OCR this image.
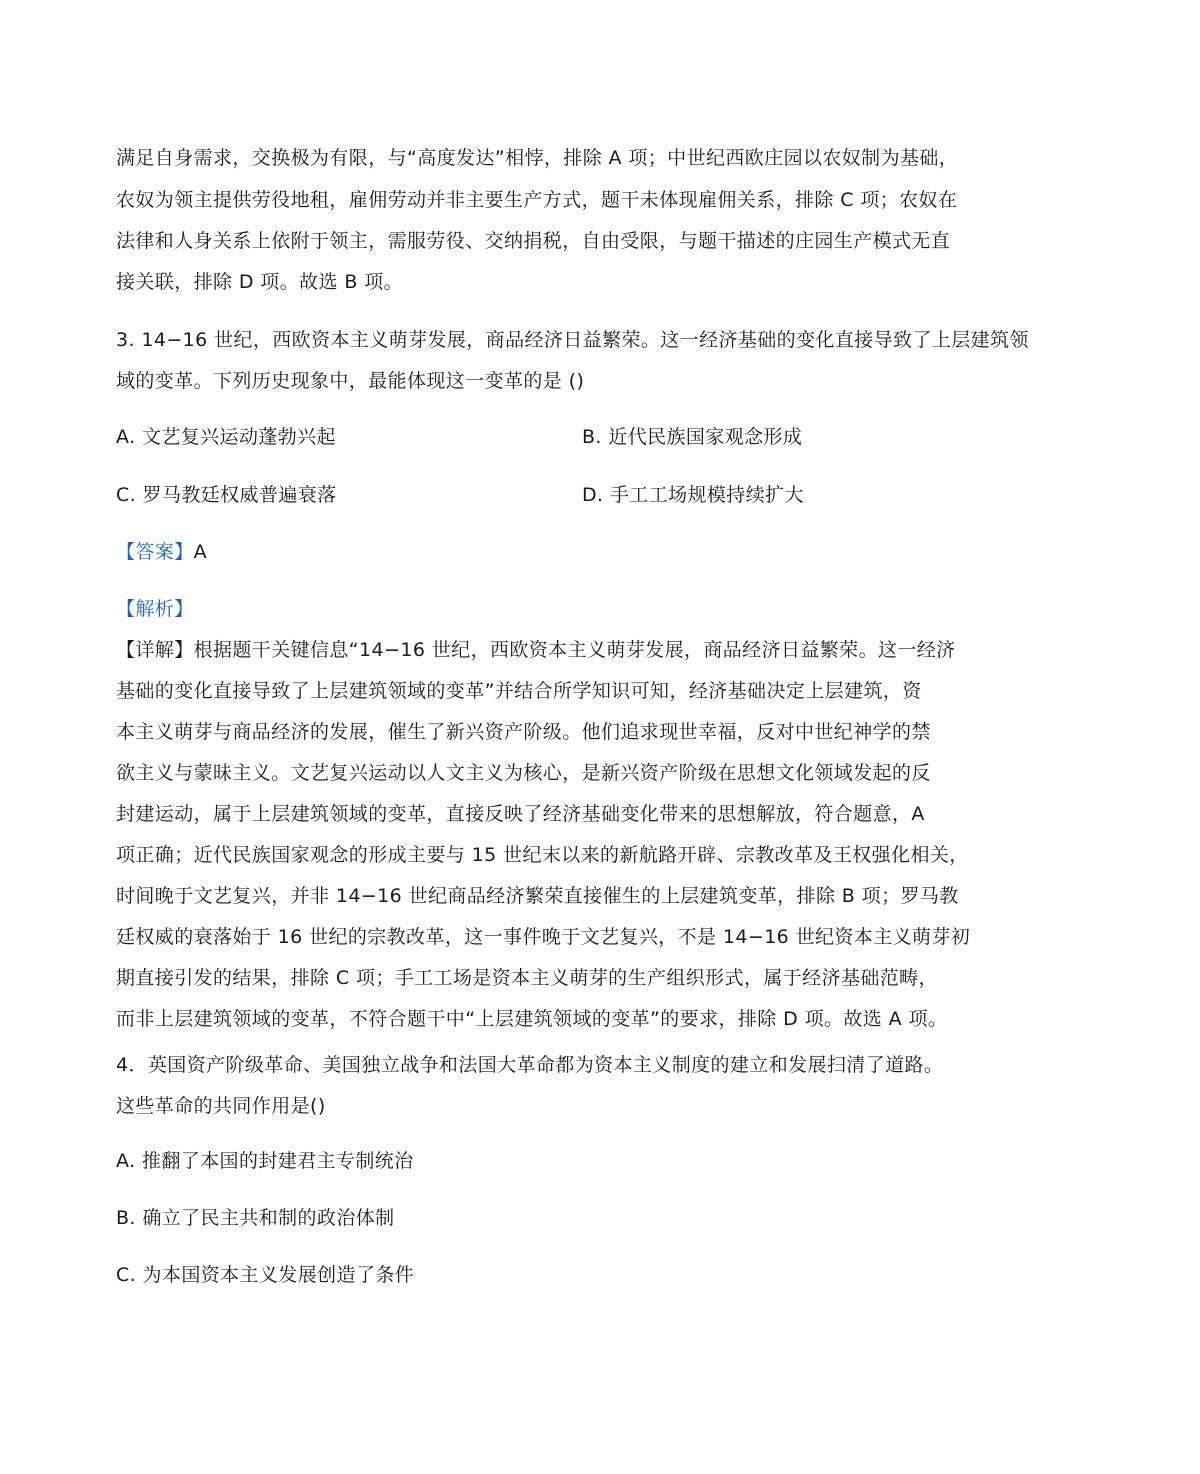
满足自身需求，交换极为有限，与“高度发达”相悖，排除 A 项；中世纪西欧庄园以农奴制为基础，
农奴为领主提供劳役地租，雇佣劳动并非主要生产方式，题干未体现雇佣关系，排除 C 项；农奴在
法律和人身关系上依附于领主，需服劳役、交纳捐税，自由受限，与题干描述的庄园生产模式无直
接关联，排除 D 项。故选 B 项。
3. 14−16 世纪，西欧资本主义萌芽发展，商品经济日益繁荣。这一经济基础的变化直接导致了上层建筑领
域的变革。下列历史现象中，最能体现这一变革的是 ()
A. 文艺复兴运动蓬勃兴起	B. 近代民族国家观念形成
C. 罗马教廷权威普遍衰落	D. 手工工场规模持续扩大
【答案】A
【解析】
【详解】根据题干关键信息“14−16 世纪，西欧资本主义萌芽发展，商品经济日益繁荣。这一经济
基础的变化直接导致了上层建筑领域的变革”并结合所学知识可知，经济基础决定上层建筑，资
本主义萌芽与商品经济的发展，催生了新兴资产阶级。他们追求现世幸福，反对中世纪神学的禁
欲主义与蒙昧主义。文艺复兴运动以人文主义为核心，是新兴资产阶级在思想文化领域发起的反
封建运动，属于上层建筑领域的变革，直接反映了经济基础变化带来的思想解放，符合题意，A
项正确；近代民族国家观念的形成主要与 15 世纪末以来的新航路开辟、宗教改革及王权强化相关，
时间晚于文艺复兴，并非 14−16 世纪商品经济繁荣直接催生的上层建筑变革，排除 B 项；罗马教
廷权威的衰落始于 16 世纪的宗教改革，这一事件晚于文艺复兴，不是 14−16 世纪资本主义萌芽初
期直接引发的结果，排除 C 项；手工工场是资本主义萌芽的生产组织形式，属于经济基础范畴，
而非上层建筑领域的变革，不符合题干中“上层建筑领域的变革”的要求，排除 D 项。故选 A 项。
4．英国资产阶级革命、美国独立战争和法国大革命都为资本主义制度的建立和发展扫清了道路。
这些革命的共同作用是()
A. 推翻了本国的封建君主专制统治
B. 确立了民主共和制的政治体制
C. 为本国资本主义发展创造了条件
